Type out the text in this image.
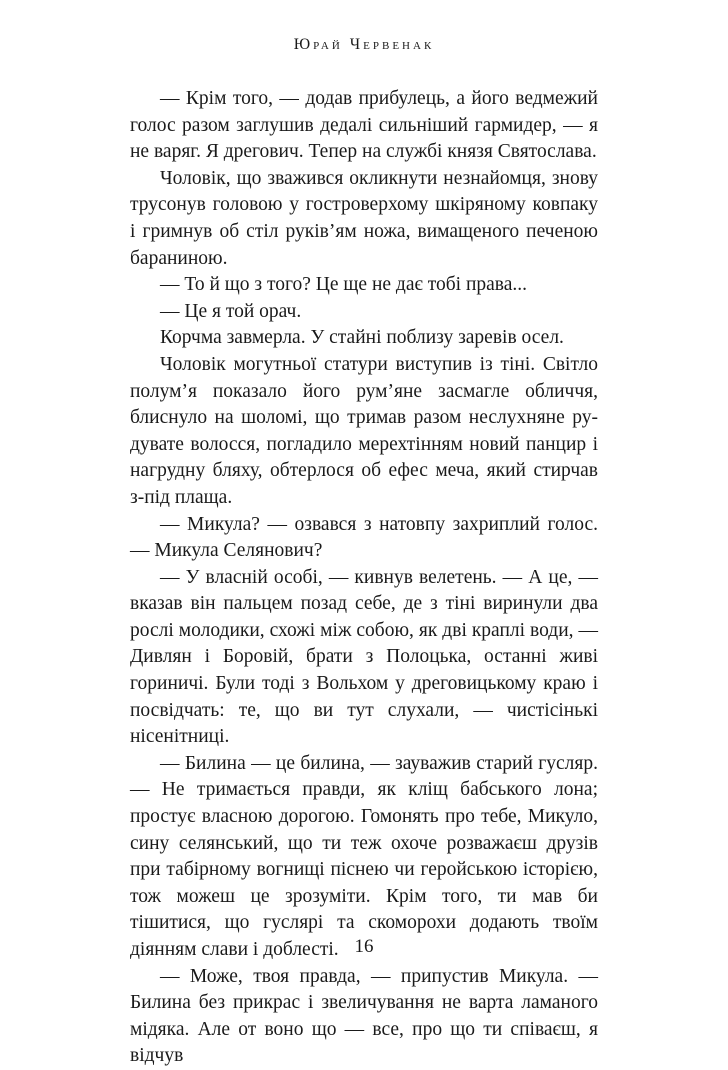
Юрай Червенак

— Крім того, — додав прибулець, а його ведмежий голос разом заглушив дедалі сильніший гармидер, — я не варяг. Я дрегович. Тепер на службі князя Святослава.

Чоловік, що зважився окликнути незнайомця, знову трусонув головою у гостроверхому шкіряному ковпаку і гримнув об стіл руків’ям ножа, вимащеного печеною бараниною.

— То й що з того? Це ще не дає тобі права...

— Це я той орач.

Корчма завмерла. У стайні поблизу заревів осел.

Чоловік могутньої статури виступив із тіні. Світло полум’я показало його рум’яне засмагле обличчя, блиснуло на шоломі, що тримав разом неслухняне рудувате волосся, погладило мерехтінням новий панцир і нагрудну бляху, обтерлося об ефес меча, який стирчав з-під плаща.

— Микула? — озвався з натовпу захриплий голос. — Микула Селянович?

— У власній особі, — кивнув велетень. — А це, — вказав він пальцем позад себе, де з тіні виринули два рослі молодики, схожі між собою, як дві краплі води, — Дивлян і Боровій, брати з Полоцька, останні живі гориничі. Були тоді з Вольхом у дреговицькому краю і посвідчать: те, що ви тут слухали, — чистісінькі нісенітниці.

— Билина — це билина, — зауважив старий гусляр. — Не тримається правди, як кліщ бабського лона; простує власною дорогою. Гомонять про тебе, Микуло, сину селянський, що ти теж охоче розважаєш друзів при табірному вогнищі піснею чи геройською історією, тож можеш це зрозуміти. Крім того, ти мав би тішитися, що гуслярі та скоморохи додають твоїм діянням слави і доблесті.

— Може, твоя правда, — припустив Микула. — Билина без прикрас і звеличування не варта ламаного мідяка. Але от воно що — все, про що ти співаєш, я відчув

16
